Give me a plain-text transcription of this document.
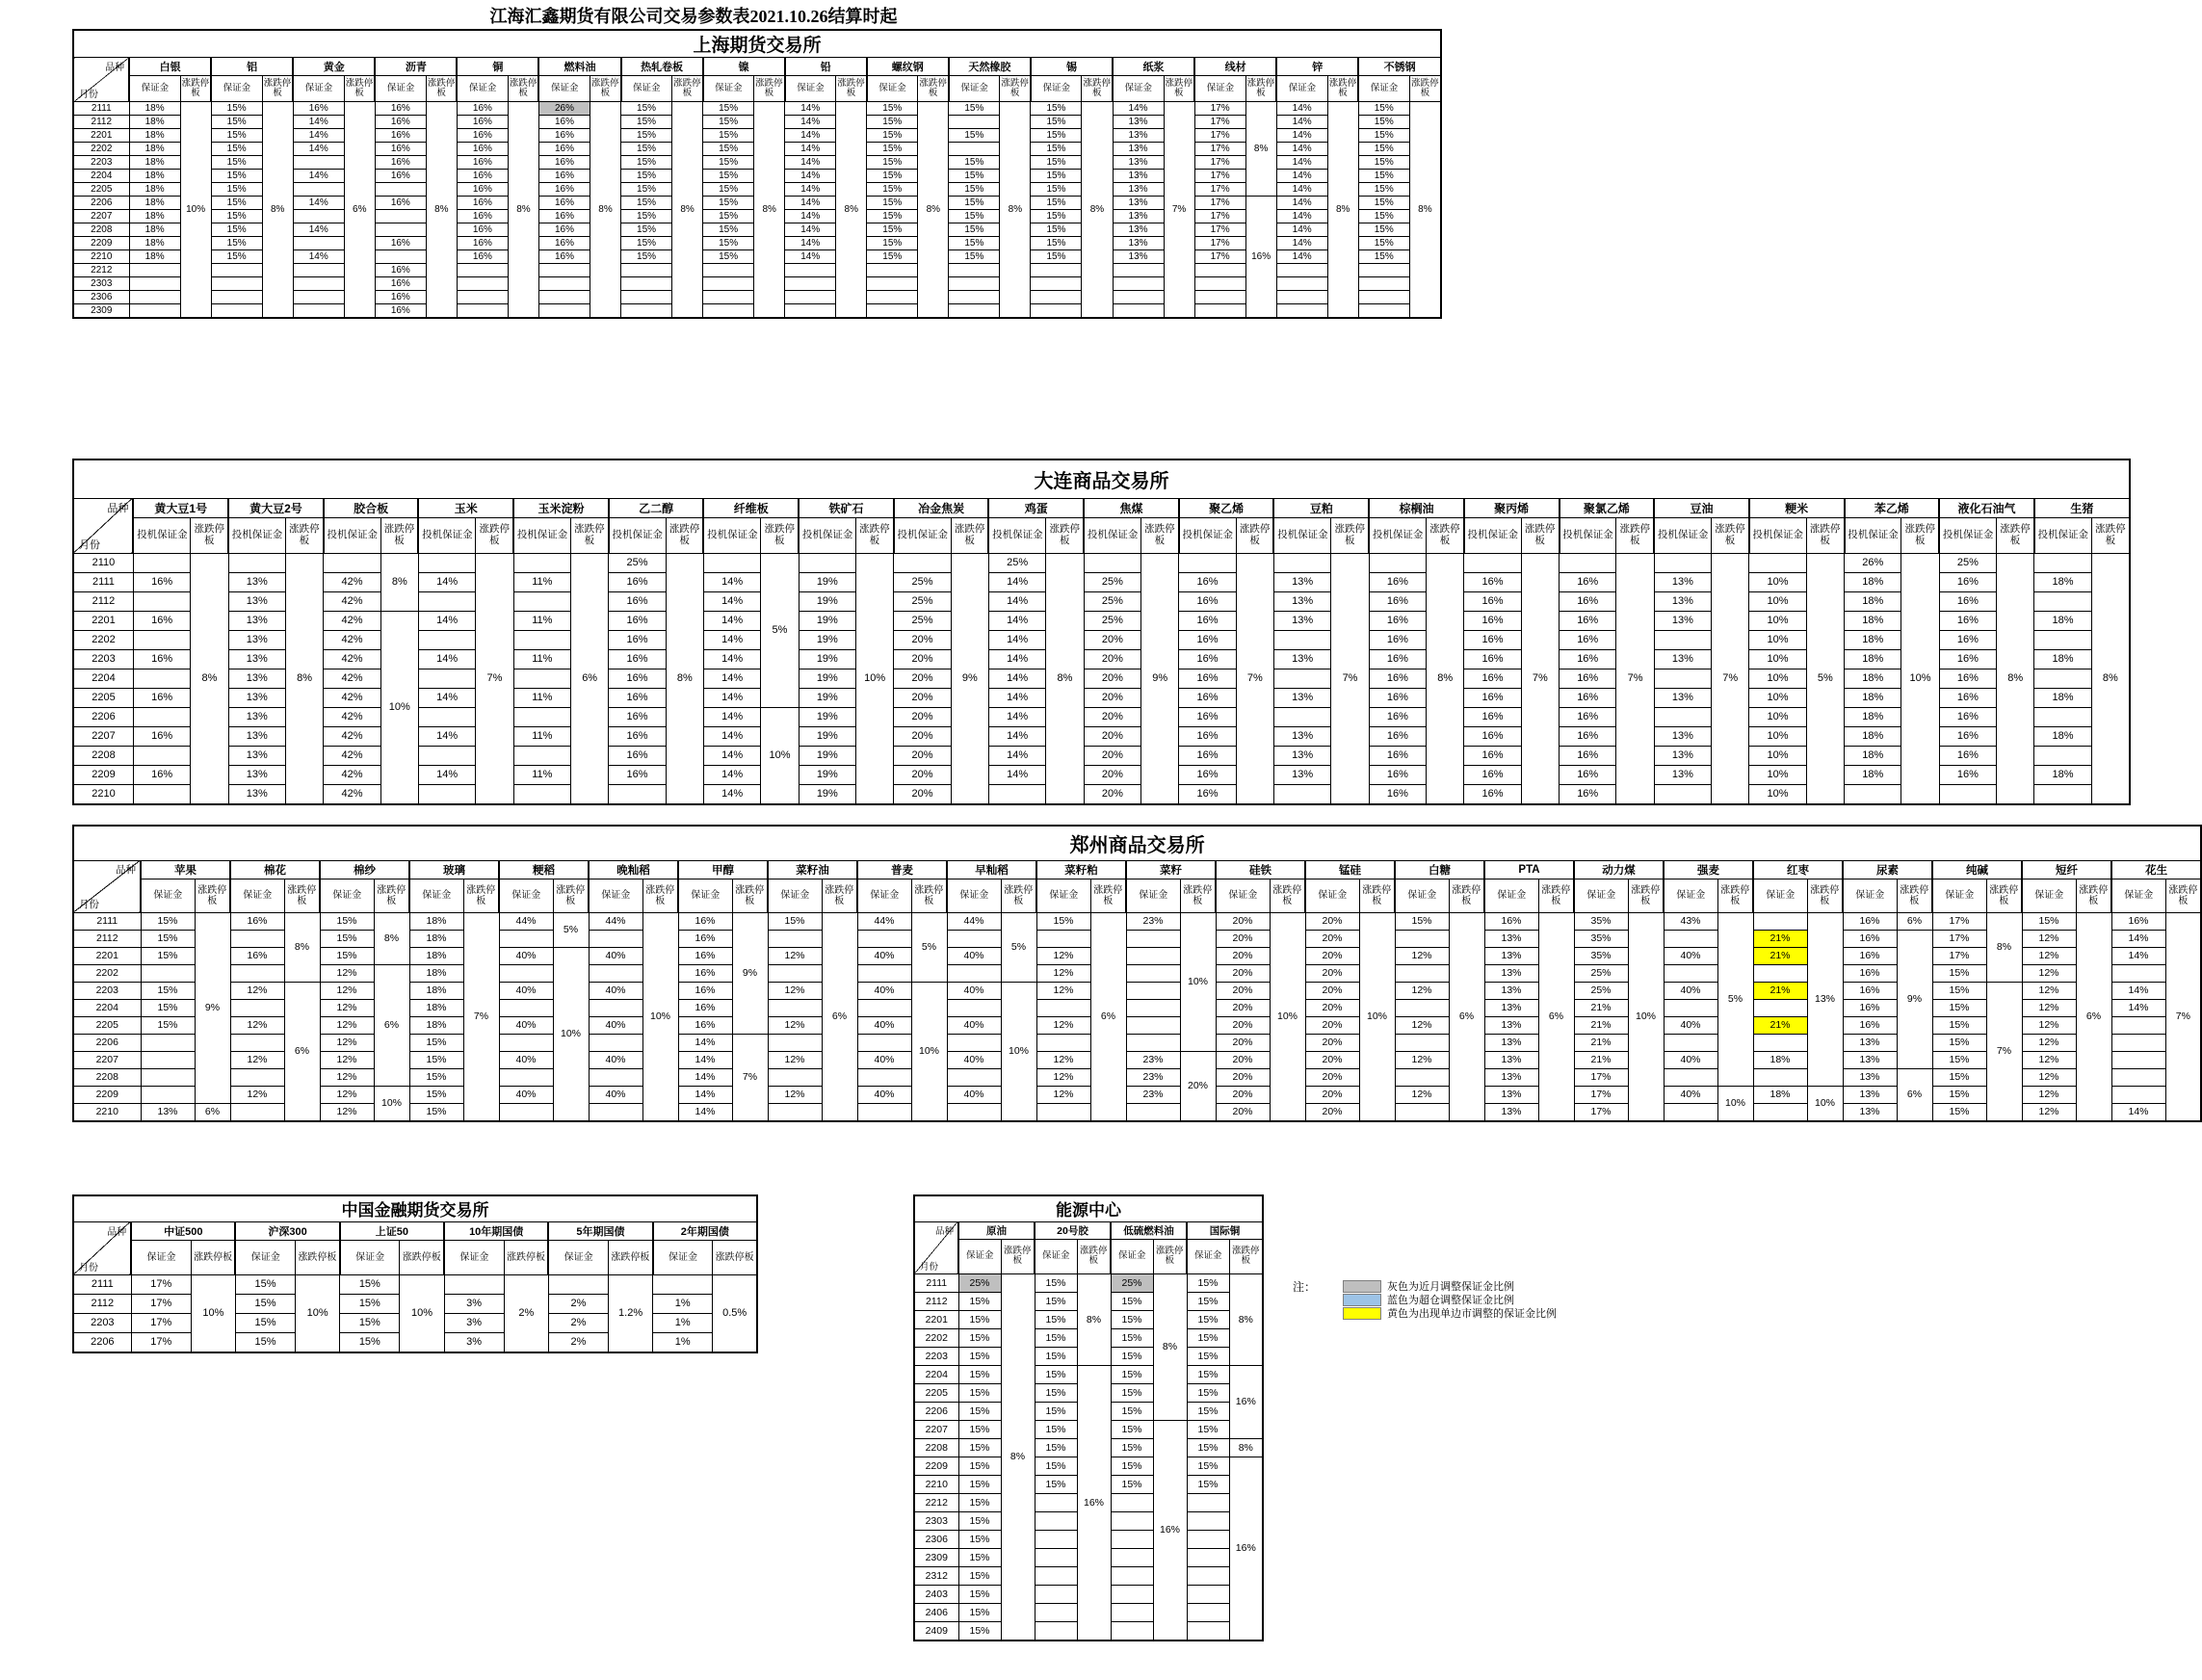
江海汇鑫期货有限公司交易参数表2021.10.26结算时起
上海期货交易所																																

品种
月份	白银		铝		黄金		沥青		铜		燃料油		热轧卷板		镍		铅		螺纹钢		天然橡胶		锡		纸浆		线材		锌		不锈钢	
	保证金	涨跌停板	保证金	涨跌停板	保证金	涨跌停板	保证金	涨跌停板	保证金	涨跌停板	保证金	涨跌停板	保证金	涨跌停板	保证金	涨跌停板	保证金	涨跌停板	保证金	涨跌停板	保证金	涨跌停板	保证金	涨跌停板	保证金	涨跌停板	保证金	涨跌停板	保证金	涨跌停板	保证金	涨跌停板
2111	18%	10%	15%	8%	16%	6%	16%	8%	16%	8%	26%	8%	15%	8%	15%	8%	14%	8%	15%	8%	15%	8%	15%	8%	14%	7%	17%	8%	14%	8%	15%	8%
2112	18%		15%		14%		16%		16%		16%		15%		15%		14%		15%				15%		13%		17%		14%		15%	
2201	18%		15%		14%		16%		16%		16%		15%		15%		14%		15%		15%		15%		13%		17%		14%		15%	
2202	18%		15%		14%		16%		16%		16%		15%		15%		14%		15%				15%		13%		17%		14%		15%	
2203	18%		15%				16%		16%		16%		15%		15%		14%		15%		15%		15%		13%		17%		14%		15%	
2204	18%		15%		14%		16%		16%		16%		15%		15%		14%		15%		15%		15%		13%		17%		14%		15%	
2205	18%		15%						16%		16%		15%		15%		14%		15%		15%		15%		13%		17%		14%		15%	
2206	18%		15%		14%		16%		16%		16%		15%		15%		14%		15%		15%		15%		13%		17%	16%	14%		15%	
2207	18%		15%						16%		16%		15%		15%		14%		15%		15%		15%		13%		17%		14%		15%	
2208	18%		15%		14%				16%		16%		15%		15%		14%		15%		15%		15%		13%		17%		14%		15%	
2209	18%		15%				16%		16%		16%		15%		15%		14%		15%		15%		15%		13%		17%		14%		15%	
2210	18%		15%		14%				16%		16%		15%		15%		14%		15%		15%		15%		13%		17%		14%		15%	
2212							16%																									
2303							16%																									
2306							16%																									
2309							16%																									
大连商品交易所																																										

品种
月份	黄大豆1号		黄大豆2号		胶合板		玉米		玉米淀粉		乙二醇		纤维板		铁矿石		冶金焦炭		鸡蛋		焦煤		聚乙烯		豆粕		棕榈油		聚丙烯		聚氯乙烯		豆油		粳米		苯乙烯		液化石油气		生猪	
	投机保证金	涨跌停板	投机保证金	涨跌停板	投机保证金	涨跌停板	投机保证金	涨跌停板	投机保证金	涨跌停板	投机保证金	涨跌停板	投机保证金	涨跌停板	投机保证金	涨跌停板	投机保证金	涨跌停板	投机保证金	涨跌停板	投机保证金	涨跌停板	投机保证金	涨跌停板	投机保证金	涨跌停板	投机保证金	涨跌停板	投机保证金	涨跌停板	投机保证金	涨跌停板	投机保证金	涨跌停板	投机保证金	涨跌停板	投机保证金	涨跌停板	投机保证金	涨跌停板	投机保证金	涨跌停板
2110		8%		8%		8%		7%		6%	25%	8%		5%		10%		9%	25%	8%		9%		7%		7%		8%		7%		7%		7%		5%	26%	10%	25%	8%		8%
2111	16%		13%		42%		14%		11%		16%		14%		19%		25%		14%		25%		16%		13%		16%		16%		16%		13%		10%		18%		16%		18%	
2112			13%		42%						16%		14%		19%		25%		14%		25%		16%		13%		16%		16%		16%		13%		10%		18%		16%			
2201	16%		13%		42%	10%	14%		11%		16%		14%		19%		25%		14%		25%		16%		13%		16%		16%		16%		13%		10%		18%		16%		18%	
2202			13%		42%						16%		14%		19%		20%		14%		20%		16%				16%		16%		16%				10%		18%		16%			
2203	16%		13%		42%		14%		11%		16%		14%		19%		20%		14%		20%		16%		13%		16%		16%		16%		13%		10%		18%		16%		18%	
2204			13%		42%						16%		14%		19%		20%		14%		20%		16%				16%		16%		16%				10%		18%		16%			
2205	16%		13%		42%		14%		11%		16%		14%		19%		20%		14%		20%		16%		13%		16%		16%		16%		13%		10%		18%		16%		18%	
2206			13%		42%						16%		14%	10%	19%		20%		14%		20%		16%				16%		16%		16%				10%		18%		16%			
2207	16%		13%		42%		14%		11%		16%		14%		19%		20%		14%		20%		16%		13%		16%		16%		16%		13%		10%		18%		16%		18%	
2208			13%		42%						16%		14%		19%		20%		14%		20%		16%		13%		16%		16%		16%		13%		10%		18%		16%			
2209	16%		13%		42%		14%		11%		16%		14%		19%		20%		14%		20%		16%		13%		16%		16%		16%		13%		10%		18%		16%		18%	
2210			13%		42%								14%		19%		20%				20%		16%				16%		16%		16%				10%							
郑州商品交易所																																														

品种
月份	苹果		棉花		棉纱		玻璃		粳稻		晚籼稻		甲醇		菜籽油		普麦		早籼稻		菜籽粕		菜籽		硅铁		锰硅		白糖		PTA		动力煤		强麦		红枣		尿素		纯碱		短纤		花生	
	保证金	涨跌停板	保证金	涨跌停板	保证金	涨跌停板	保证金	涨跌停板	保证金	涨跌停板	保证金	涨跌停板	保证金	涨跌停板	保证金	涨跌停板	保证金	涨跌停板	保证金	涨跌停板	保证金	涨跌停板	保证金	涨跌停板	保证金	涨跌停板	保证金	涨跌停板	保证金	涨跌停板	保证金	涨跌停板	保证金	涨跌停板	保证金	涨跌停板	保证金	涨跌停板	保证金	涨跌停板	保证金	涨跌停板	保证金	涨跌停板	保证金	涨跌停板
2111	15%	9%	16%	8%	15%	8%	18%	7%	44%	5%	44%	10%	16%	9%	15%	6%	44%	5%	44%	5%	15%	6%	23%	10%	20%	10%	20%	10%	15%	6%	16%	6%	35%	10%	43%	5%		13%	16%	6%	17%	8%	15%	6%	16%	7%
2112	15%				15%		18%						16%												20%		20%				13%		35%				21%		16%	9%	17%		12%		14%	
2201	15%		16%		15%		18%		40%	10%	40%		16%		12%		40%		40%		12%				20%		20%		12%		13%		35%		40%		21%		16%		17%		12%		14%	
2202					12%	6%	18%						16%								12%				20%		20%				13%		25%						16%		15%		12%			
2203	15%		12%	6%	12%		18%		40%		40%		16%		12%		40%	10%	40%	10%	12%				20%		20%		12%		13%		25%		40%		21%		16%		15%	7%	12%		14%	
2204	15%				12%		18%						16%												20%		20%				13%		21%						16%		15%		12%		14%	
2205	15%		12%		12%		18%		40%		40%		16%		12%		40%		40%		12%				20%		20%		12%		13%		21%		40%		21%		16%		15%		12%			
2206					12%		15%						14%	7%											20%		20%				13%		21%						13%		15%		12%			
2207			12%		12%		15%		40%		40%		14%		12%		40%		40%		12%		23%	20%	20%		20%		12%		13%		21%		40%		18%		13%		15%		12%			
2208					12%		15%						14%								12%		23%		20%		20%				13%		17%						13%	6%	15%		12%			
2209			12%		12%	10%	15%		40%		40%		14%		12%		40%		40%		12%		23%		20%		20%		12%		13%		17%		40%	10%	18%	10%	13%		15%		12%			
2210	13%	6%			12%		15%						14%												20%		20%				13%		17%						13%		15%		12%		14%	
中国金融期货交易所												

品种
月份	中证500		沪深300		上证50		10年期国债		5年期国债		2年期国债	
	保证金	涨跌停板	保证金	涨跌停板	保证金	涨跌停板	保证金	涨跌停板	保证金	涨跌停板	保证金	涨跌停板
2111	17%	10%	15%	10%	15%	10%		2%		1.2%		0.5%
2112	17%		15%		15%		3%		2%		1%	
2203	17%		15%		15%		3%		2%		1%	
2206	17%		15%		15%		3%		2%		1%	
能源中心								

品种
月份	原油		20号胶		低硫燃料油		国际铜	
	保证金	涨跌停板	保证金	涨跌停板	保证金	涨跌停板	保证金	涨跌停板
2111	25%	8%	15%	8%	25%	8%	15%	8%
2112	15%		15%		15%		15%	
2201	15%		15%		15%		15%	
2202	15%		15%		15%		15%	
2203	15%		15%		15%		15%	
2204	15%		15%	16%	15%		15%	16%
2205	15%		15%		15%		15%	
2206	15%		15%		15%		15%	
2207	15%		15%		15%	16%	15%	
2208	15%		15%		15%		15%	8%
2209	15%		15%		15%		15%	16%
2210	15%		15%		15%		15%	
2212	15%							
2303	15%							
2306	15%							
2309	15%							
2312	15%							
2403	15%							
2406	15%							
2409	15%							
注：	灰色为近月调整保证金比例
蓝色为超仓调整保证金比例
黄色为出现单边市调整的保证金比例
